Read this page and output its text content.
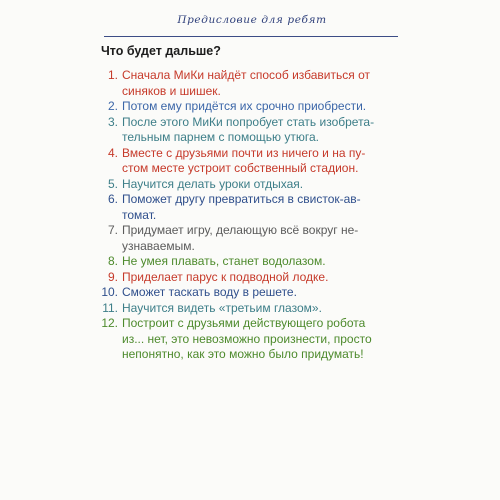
Предисловие для ребят
Что будет дальше?
1. Сначала МиКи найдёт способ избавиться от
синяков и шишек.
2. Потом ему придётся их срочно приобрести.
3. После этого МиКи попробует стать изобрета-
тельным парнем с помощью утюга.
4. Вместе с друзьями почти из ничего и на пу-
стом месте устроит собственный стадион.
5. Научится делать уроки отдыхая.
6. Поможет другу превратиться в свисток-ав-
томат.
7. Придумает игру, делающую всё вокруг не-
узнаваемым.
8. Не умея плавать, станет водолазом.
9. Приделает парус к подводной лодке.
10. Сможет таскать воду в решете.
11. Научится видеть «третьим глазом».
12. Построит с друзьями действующего робота
из... нет, это невозможно произнести, просто
непонятно, как это можно было придумать!
